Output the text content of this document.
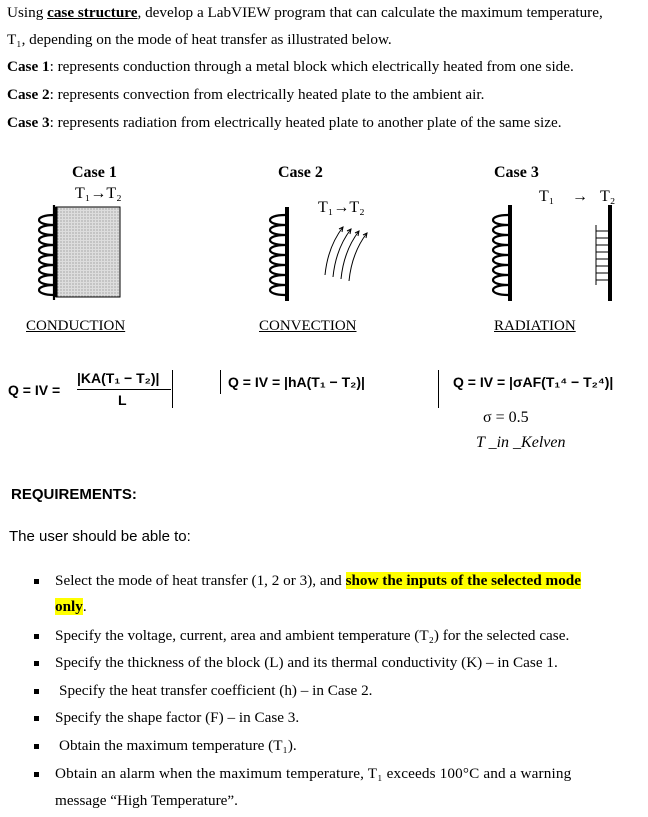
Using case structure, develop a LabVIEW program that can calculate the maximum temperature,
T₁, depending on the mode of heat transfer as illustrated below.
Case 1: represents conduction through a metal block which electrically heated from one side.
Case 2: represents convection from electrically heated plate to the ambient air.
Case 3: represents radiation from electrically heated plate to another plate of the same size.
Case 1
T₁→T₂
CONDUCTION
Case 2
T₁→T₂
CONVECTION
Case 3
T₁ → T₂
RADIATION
Q = IV =
|KA(T₁ − T₂)|
L
Q = IV = |hA(T₁ − T₂)|	Q = IV = |σAF(T₁⁴ − T₂⁴)|
σ = 0.5
T _in _Kelven
REQUIREMENTS:
The user should be able to:
Select the mode of heat transfer (1, 2 or 3), and show the inputs of the selected mode
only.
Specify the voltage, current, area and ambient temperature (T₂) for the selected case.
Specify the thickness of the block (L) and its thermal conductivity (K) – in Case 1.
Specify the heat transfer coefficient (h) – in Case 2.
Specify the shape factor (F) – in Case 3.
Obtain the maximum temperature (T₁).
Obtain an alarm when the maximum temperature, T₁ exceeds 100°C and a warning
message “High Temperature”.
